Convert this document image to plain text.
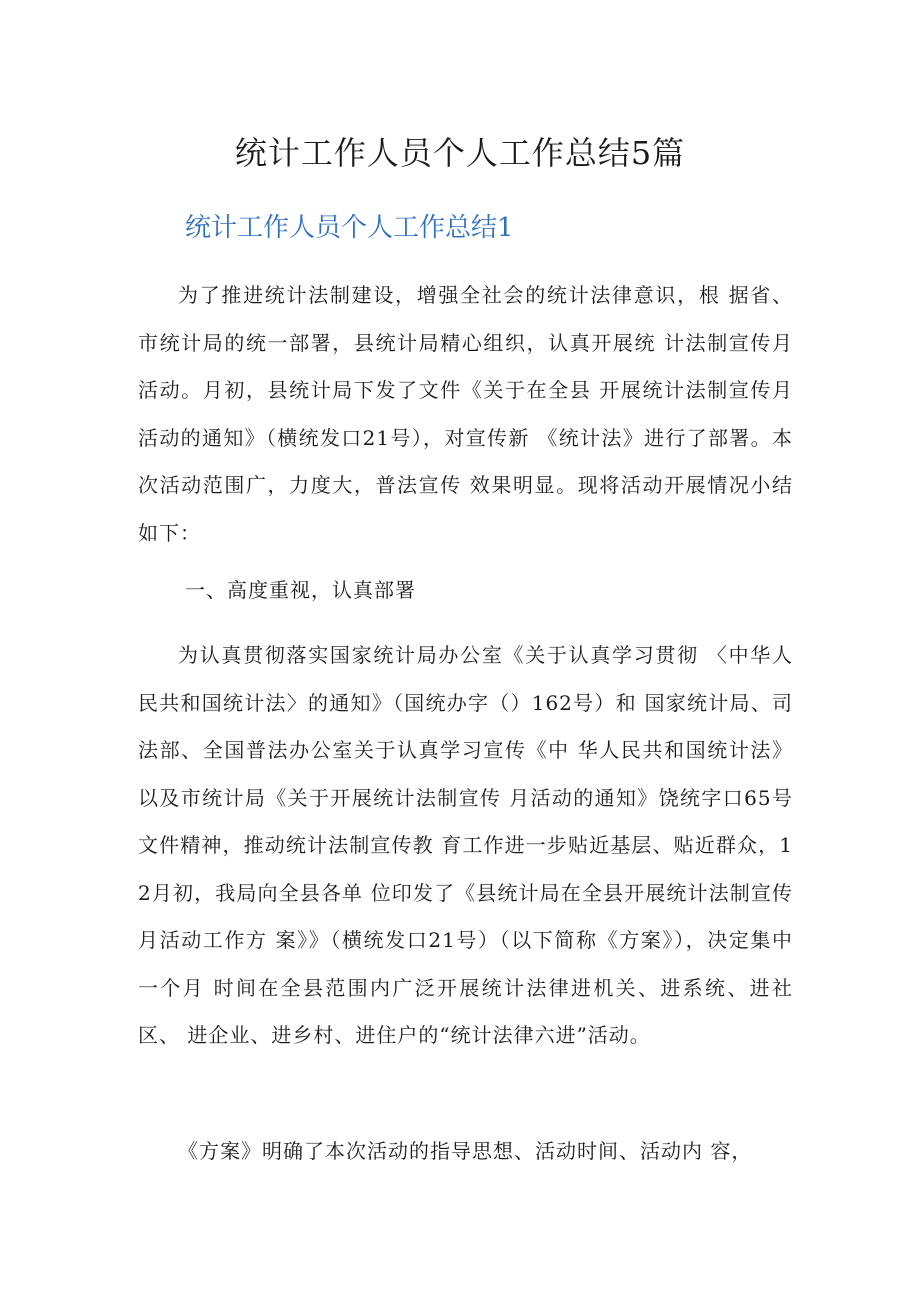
统计工作人员个人工作总结5篇
统计工作人员个人工作总结1

为了推进统计法制建设，增强全社会的统计法律意识，根 据省、市统计局的统一部署，县统计局精心组织，认真开展统 计法制宣传月活动。月初，县统计局下发了文件《关于在全县 开展统计法制宣传月活动的通知》（横统发口21号），对宣传新 《统计法》进行了部署。本次活动范围广，力度大，普法宣传 效果明显。现将活动开展情况小结如下：

一、高度重视，认真部署

为认真贯彻落实国家统计局办公室《关于认真学习贯彻 〈中华人民共和国统计法〉的通知》（国统办字（）162号）和 国家统计局、司法部、全国普法办公室关于认真学习宣传《中 华人民共和国统计法》以及市统计局《关于开展统计法制宣传 月活动的通知》饶统字口65号文件精神，推动统计法制宣传教 育工作进一步贴近基层、贴近群众，12月初，我局向全县各单 位印发了《县统计局在全县开展统计法制宣传月活动工作方 案》》（横统发口21号）（以下简称《方案》），决定集中一个月 时间在全县范围内广泛开展统计法律进机关、进系统、进社区、 进企业、进乡村、进住户的“统计法律六进”活动。

《方案》明确了本次活动的指导思想、活动时间、活动内 容，
